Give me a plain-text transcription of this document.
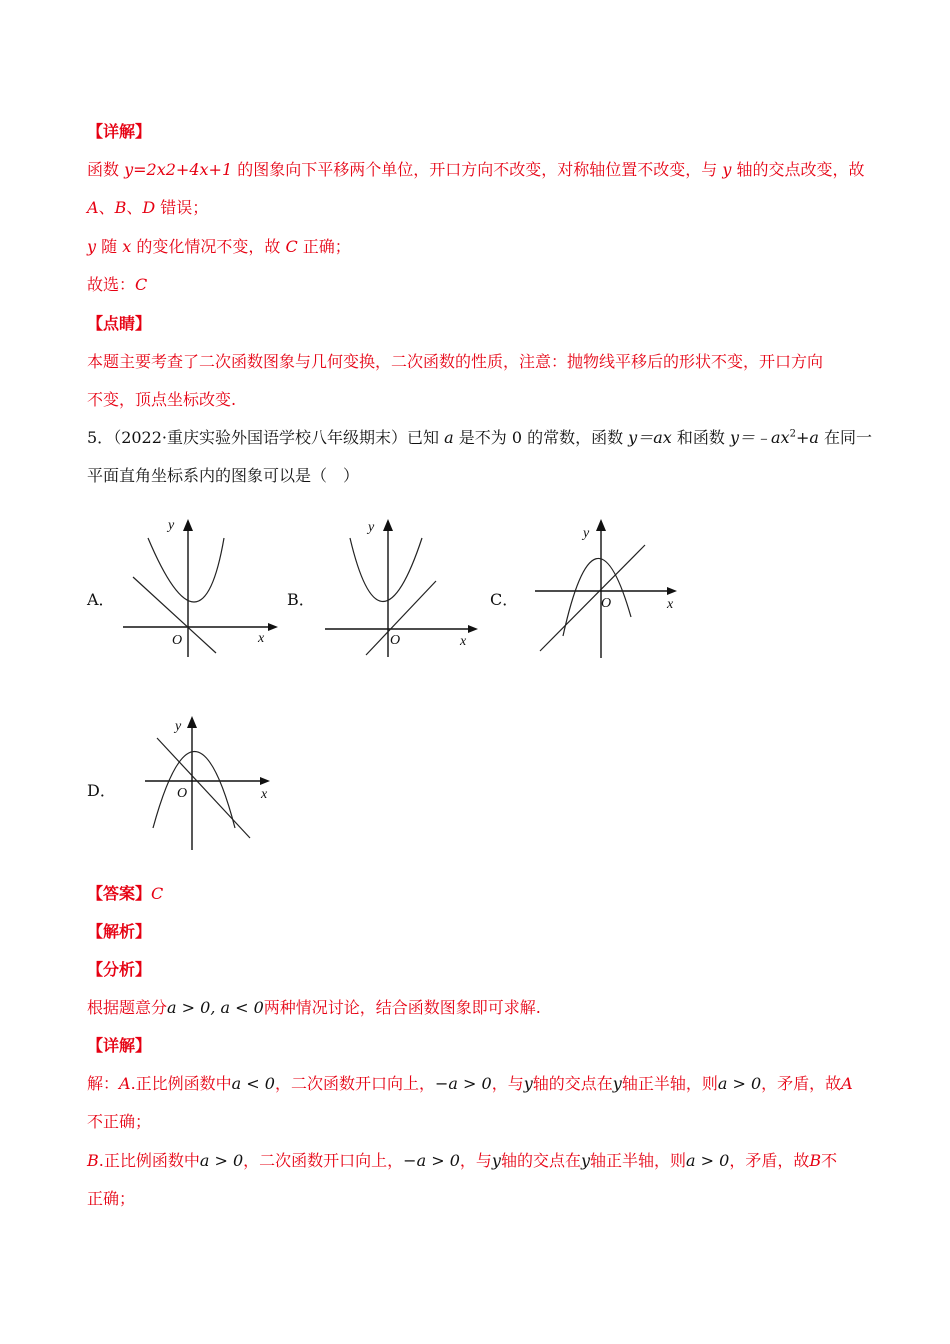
【详解】
函数 y=2x2+4x+1 的图象向下平移两个单位，开口方向不改变，对称轴位置不改变，与 y 轴的交点改变，故
A、B、D 错误；
y 随 x 的变化情况不变，故 C 正确；
故选：C
【点睛】
本题主要考查了二次函数图象与几何变换，二次函数的性质，注意：抛物线平移后的形状不变，开口方向
不变，顶点坐标改变.
5．（2022·重庆实验外国语学校八年级期末）已知 a 是不为 0 的常数，函数 y＝ax 和函数 $y=﹣ax^2+a$ 在同一
平面直角坐标系内的图象可以是（　）
A．
y
x
O
B．
y
x
O
C．
y
x
O
D．
y
x
O
【答案】C
【解析】
【分析】
根据题意分a > 0, a < 0两种情况讨论，结合函数图象即可求解.
【详解】
解：A.正比例函数中a < 0，二次函数开口向上，−a > 0，与y轴的交点在y轴正半轴，则a > 0，矛盾，故A
不正确；
B.正比例函数中a > 0，二次函数开口向上，−a > 0，与y轴的交点在y轴正半轴，则a > 0，矛盾，故B不
正确；
